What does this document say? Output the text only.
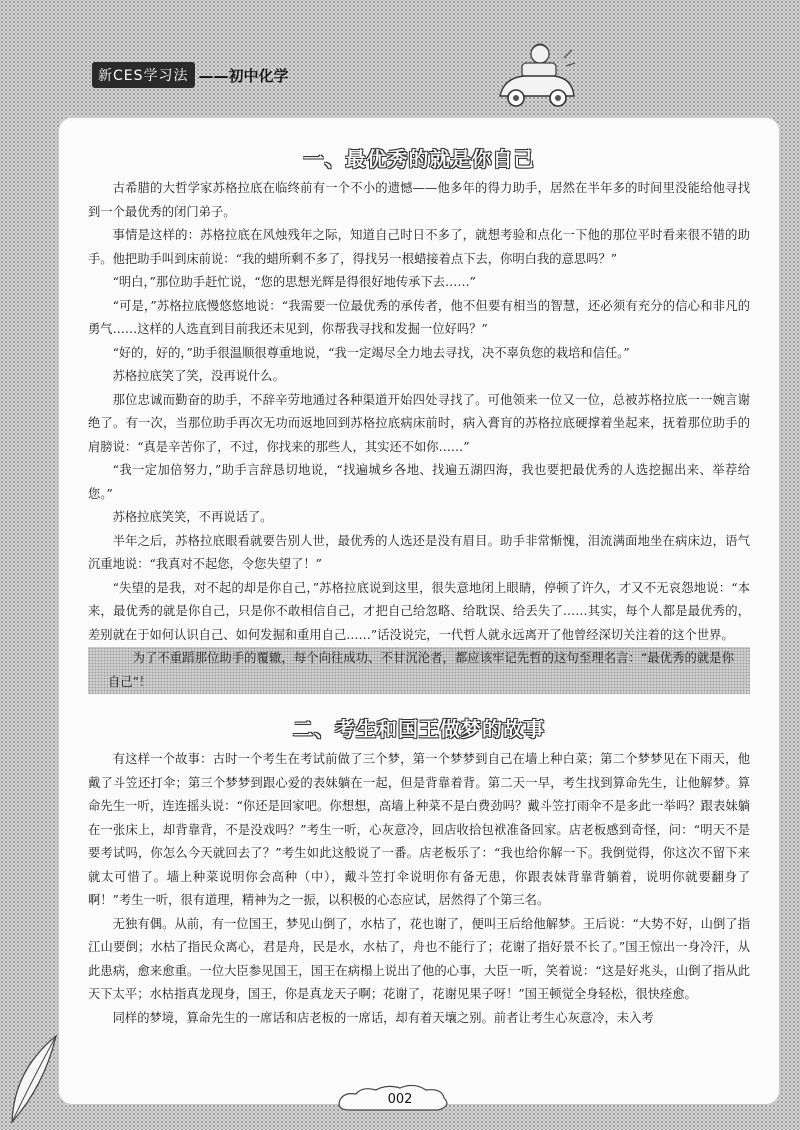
新CES学习法 ——初中化学
一、最优秀的就是你自己

古希腊的大哲学家苏格拉底在临终前有一个不小的遗憾——他多年的得力助手，居然在半年多的时间里没能给他寻找到一个最优秀的闭门弟子。

事情是这样的：苏格拉底在风烛残年之际，知道自己时日不多了，就想考验和点化一下他的那位平时看来很不错的助手。他把助手叫到床前说：“我的蜡所剩不多了，得找另一根蜡接着点下去，你明白我的意思吗？”

“明白，”那位助手赶忙说，“您的思想光辉是得很好地传承下去……”

“可是，”苏格拉底慢悠悠地说：“我需要一位最优秀的承传者，他不但要有相当的智慧，还必须有充分的信心和非凡的勇气……这样的人选直到目前我还未见到，你帮我寻找和发掘一位好吗？”

“好的，好的，”助手很温顺很尊重地说，“我一定竭尽全力地去寻找，决不辜负您的栽培和信任。”

苏格拉底笑了笑，没再说什么。

那位忠诚而勤奋的助手，不辞辛劳地通过各种渠道开始四处寻找了。可他领来一位又一位，总被苏格拉底一一婉言谢绝了。有一次，当那位助手再次无功而返地回到苏格拉底病床前时，病入膏肓的苏格拉底硬撑着坐起来，抚着那位助手的肩膀说：“真是辛苦你了，不过，你找来的那些人，其实还不如你……”

“我一定加倍努力，”助手言辞恳切地说，“找遍城乡各地、找遍五湖四海，我也要把最优秀的人选挖掘出来、举荐给您。”

苏格拉底笑笑，不再说话了。

半年之后，苏格拉底眼看就要告别人世，最优秀的人选还是没有眉目。助手非常惭愧，泪流满面地坐在病床边，语气沉重地说：“我真对不起您，令您失望了！”

“失望的是我，对不起的却是你自己，”苏格拉底说到这里，很失意地闭上眼睛，停顿了许久，才又不无哀怨地说：“本来，最优秀的就是你自己，只是你不敢相信自己，才把自己给忽略、给耽误、给丢失了……其实，每个人都是最优秀的，差别就在于如何认识自己、如何发掘和重用自己……”话没说完，一代哲人就永远离开了他曾经深切关注着的这个世界。

为了不重蹈那位助手的覆辙，每个向往成功、不甘沉沦者，都应该牢记先哲的这句至理名言：“最优秀的就是你自己”！

二、考生和国王做梦的故事

有这样一个故事：古时一个考生在考试前做了三个梦，第一个梦梦到自己在墙上种白菜；第二个梦梦见在下雨天，他戴了斗笠还打伞；第三个梦梦到跟心爱的表妹躺在一起，但是背靠着背。第二天一早，考生找到算命先生，让他解梦。算命先生一听，连连摇头说：“你还是回家吧。你想想，高墙上种菜不是白费劲吗？戴斗笠打雨伞不是多此一举吗？跟表妹躺在一张床上，却背靠背，不是没戏吗？”考生一听，心灰意冷，回店收拾包袱准备回家。店老板感到奇怪，问：“明天不是要考试吗，你怎么今天就回去了？”考生如此这般说了一番。店老板乐了：“我也给你解一下。我倒觉得，你这次不留下来就太可惜了。墙上种菜说明你会高种（中），戴斗笠打伞说明你有备无患，你跟表妹背靠背躺着，说明你就要翻身了啊！”考生一听，很有道理，精神为之一振，以积极的心态应试，居然得了个第三名。

无独有偶。从前，有一位国王，梦见山倒了，水枯了，花也谢了，便叫王后给他解梦。王后说：“大势不好，山倒了指江山要倒；水枯了指民众离心，君是舟，民是水，水枯了，舟也不能行了；花谢了指好景不长了。”国王惊出一身冷汗，从此患病，愈来愈重。一位大臣参见国王，国王在病榻上说出了他的心事，大臣一听，笑着说：“这是好兆头，山倒了指从此天下太平；水枯指真龙现身，国王，你是真龙天子啊；花谢了，花谢见果子呀！”国王顿觉全身轻松，很快痊愈。

同样的梦境，算命先生的一席话和店老板的一席话，却有着天壤之别。前者让考生心灰意冷，未入考

002
